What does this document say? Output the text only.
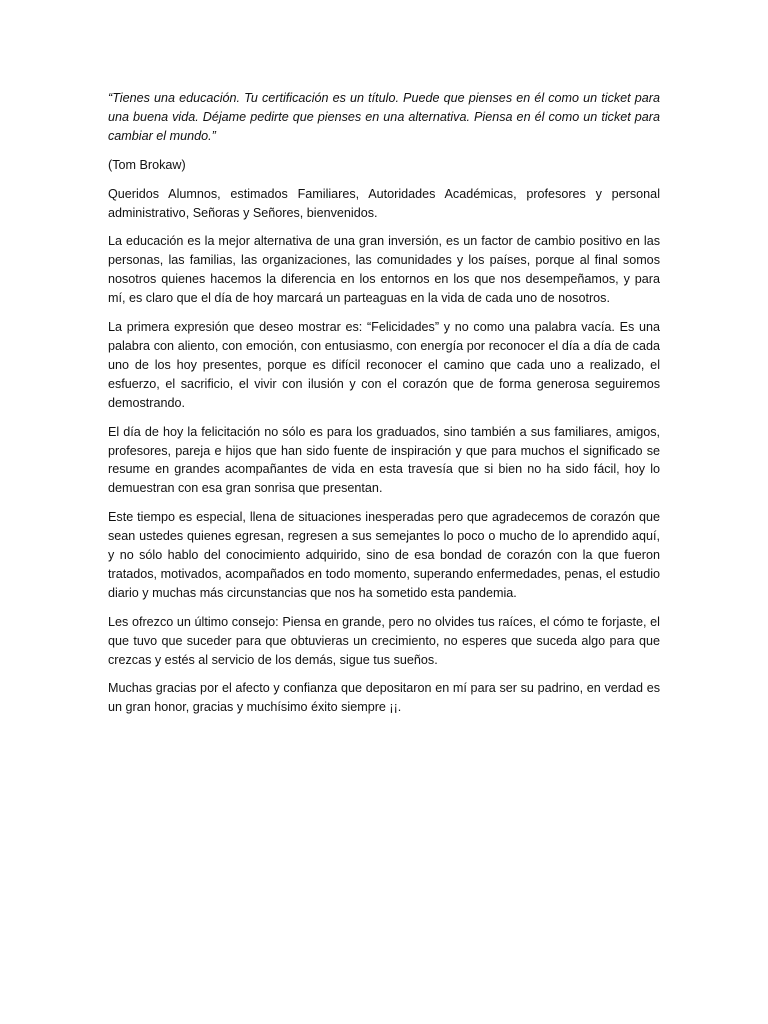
“Tienes una educación. Tu certificación es un título. Puede que pienses en él como un ticket para una buena vida. Déjame pedirte que pienses en una alternativa. Piensa en él como un ticket para cambiar el mundo.”

(Tom Brokaw)

Queridos Alumnos, estimados Familiares, Autoridades Académicas, profesores y personal administrativo, Señoras y Señores, bienvenidos.

La educación es la mejor alternativa de una gran inversión, es un factor de cambio positivo en las personas, las familias, las organizaciones, las comunidades y los países, porque al final somos nosotros quienes hacemos la diferencia en los entornos en los que nos desempeñamos, y para mí, es claro que el día de hoy marcará un parteaguas en la vida de cada uno de nosotros.

La primera expresión que deseo mostrar es: “Felicidades” y no como una palabra vacía. Es una palabra con aliento, con emoción, con entusiasmo, con energía por reconocer el día a día de cada uno de los hoy presentes, porque es difícil reconocer el camino que cada uno a realizado, el esfuerzo, el sacrificio, el vivir con ilusión y con el corazón que de forma generosa seguiremos demostrando.

El día de hoy la felicitación no sólo es para los graduados, sino también a sus familiares, amigos, profesores, pareja e hijos que han sido fuente de inspiración y que para muchos el significado se resume en grandes acompañantes de vida en esta travesía que si bien no ha sido fácil, hoy lo demuestran con esa gran sonrisa que presentan.

Este tiempo es especial, llena de situaciones inesperadas pero que agradecemos de corazón que sean ustedes quienes egresan, regresen a sus semejantes lo poco o mucho de lo aprendido aquí, y no sólo hablo del conocimiento adquirido, sino de esa bondad de corazón con la que fueron tratados, motivados, acompañados en todo momento, superando enfermedades, penas, el estudio diario y muchas más circunstancias que nos ha sometido esta pandemia.

Les ofrezco un último consejo: Piensa en grande, pero no olvides tus raíces, el cómo te forjaste, el que tuvo que suceder para que obtuvieras un crecimiento, no esperes que suceda algo para que crezcas y estés al servicio de los demás, sigue tus sueños.

Muchas gracias por el afecto y confianza que depositaron en mí para ser su padrino, en verdad es un gran honor, gracias y muchísimo éxito siempre ¡¡.
